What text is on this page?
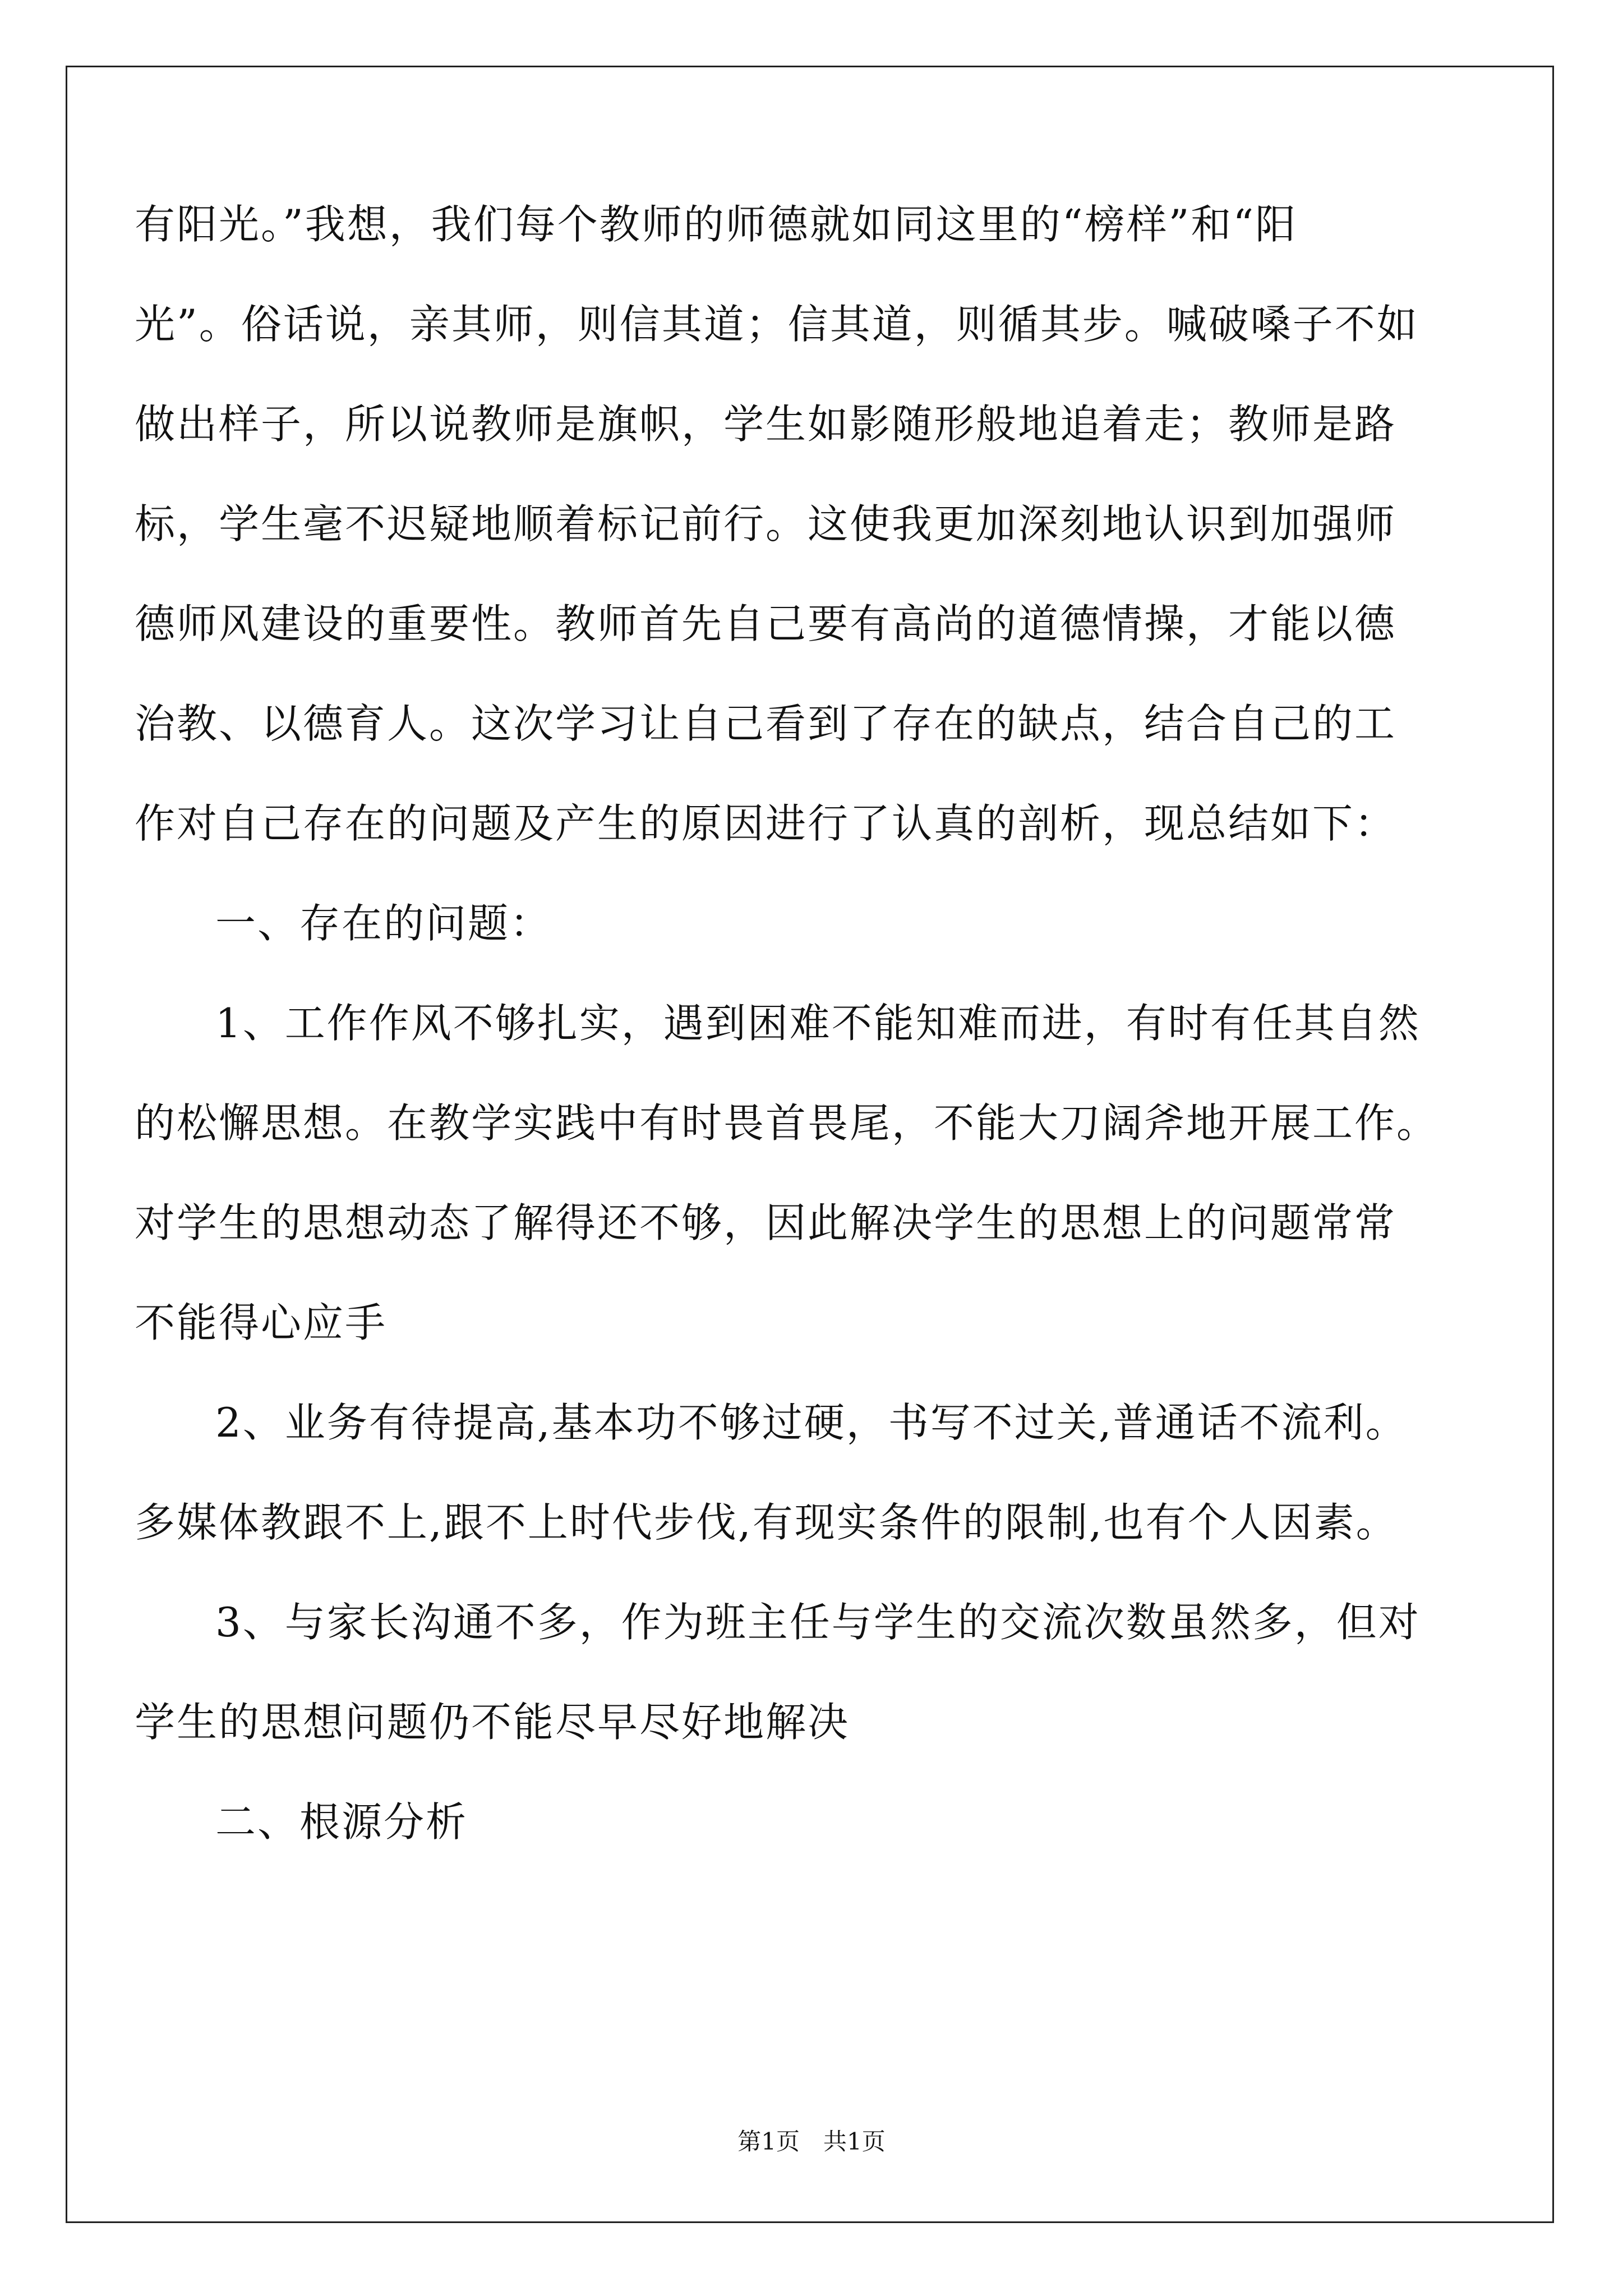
有阳光。”我想，我们每个教师的师德就如同这里的“榜样”和“阳
光”。俗话说，亲其师，则信其道；信其道，则循其步。喊破嗓子不如
做出样子，所以说教师是旗帜，学生如影随形般地追着走；教师是路
标，学生毫不迟疑地顺着标记前行。这使我更加深刻地认识到加强师
德师风建设的重要性。教师首先自己要有高尚的道德情操，才能以德
治教、以德育人。这次学习让自己看到了存在的缺点，结合自己的工
作对自己存在的问题及产生的原因进行了认真的剖析，现总结如下：
一、存在的问题：
1、工作作风不够扎实，遇到困难不能知难而进，有时有任其自然
的松懈思想。在教学实践中有时畏首畏尾，不能大刀阔斧地开展工作。
对学生的思想动态了解得还不够，因此解决学生的思想上的问题常常
不能得心应手
2、业务有待提高,基本功不够过硬，书写不过关,普通话不流利。
多媒体教跟不上,跟不上时代步伐,有现实条件的限制,也有个人因素。
3、与家长沟通不多，作为班主任与学生的交流次数虽然多，但对
学生的思想问题仍不能尽早尽好地解决
二、根源分析
第1页　共1页
